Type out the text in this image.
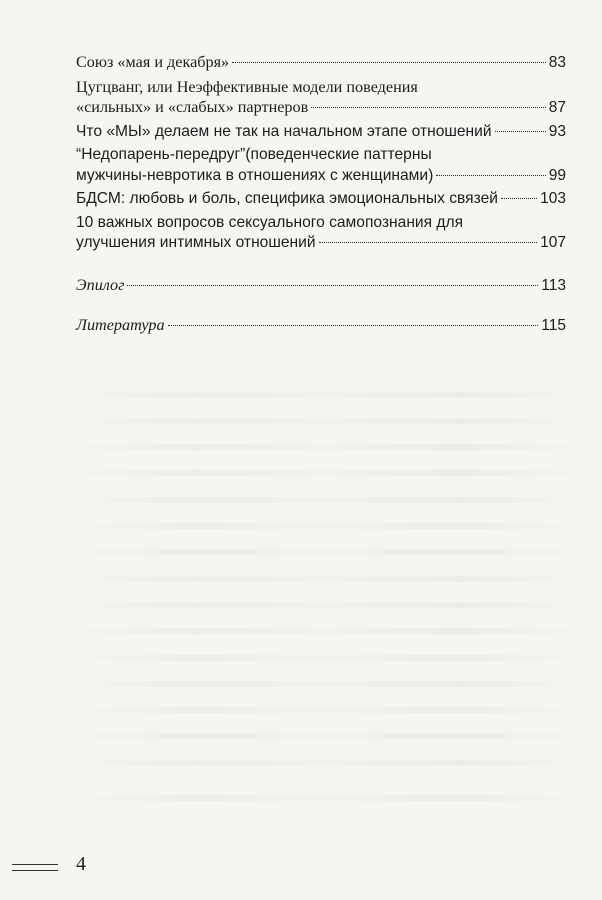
Союз «мая и декабря»	83
Цугцванг, или Неэффективные модели поведения
«сильных» и «слабых» партнеров	87
Что «МЫ» делаем не так на начальном этапе отношений	93
“Недопарень-передруг”(поведенческие паттерны
мужчины-невротика в отношениях с женщинами)	99
БДСМ: любовь и боль, специфика эмоциональных связей	103
10 важных вопросов сексуального самопознания для
улучшения интимных отношений	107
Эпилог	113
Литература	115
4
